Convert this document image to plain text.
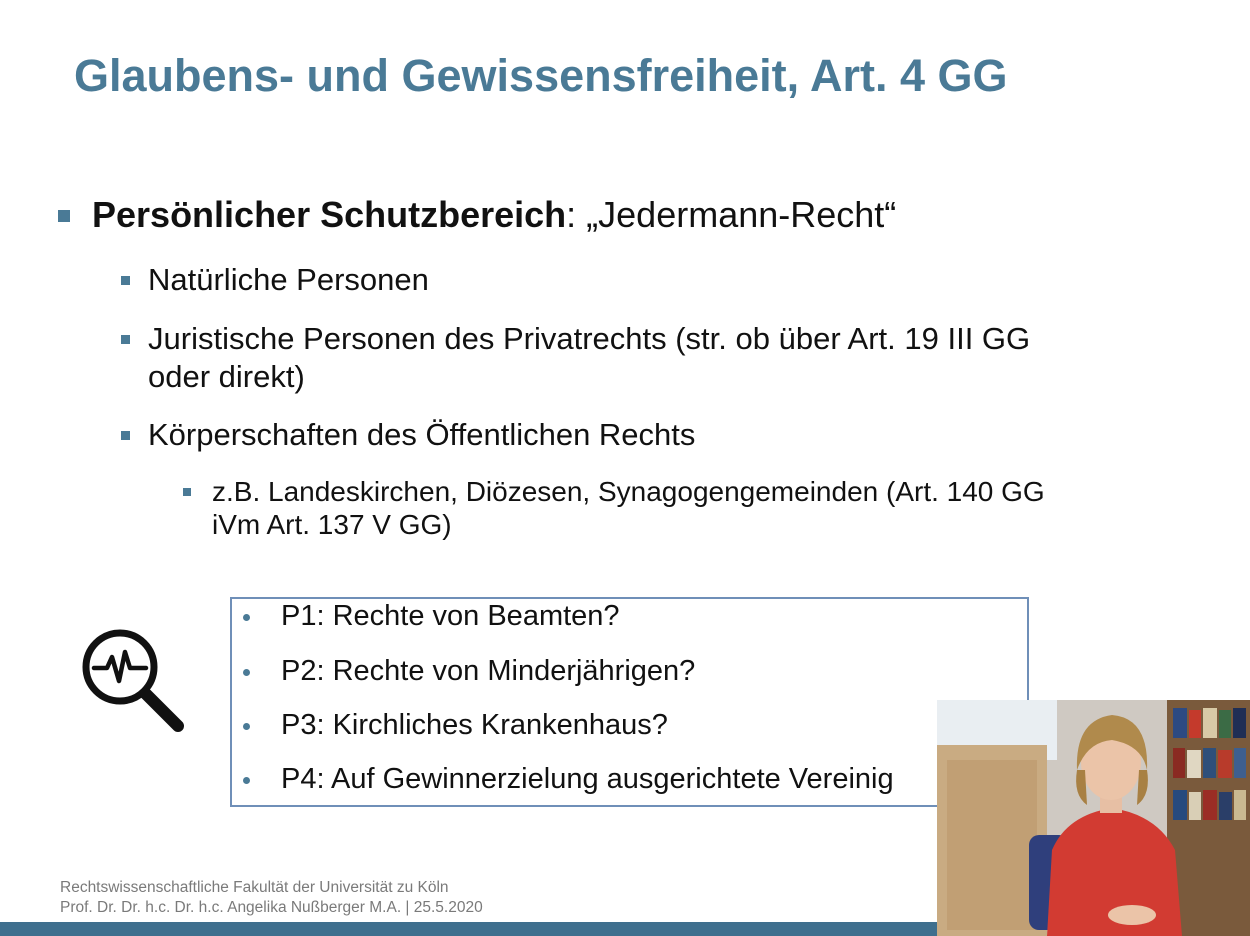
Glaubens- und Gewissensfreiheit, Art. 4 GG
Persönlicher Schutzbereich: „Jedermann-Recht“
Natürliche Personen
Juristische Personen des Privatrechts (str. ob über Art. 19 III GG oder direkt)
Körperschaften des Öffentlichen Rechts
z.B. Landeskirchen, Diözesen, Synagogengemeinden (Art. 140 GG iVm Art. 137 V GG)
P1: Rechte von Beamten?
P2: Rechte von Minderjährigen?
P3: Kirchliches Krankenhaus?
P4: Auf Gewinnerzielung ausgerichtete Vereinig
Rechtswissenschaftliche Fakultät der Universität zu Köln
Prof. Dr. Dr. h.c. Dr. h.c. Angelika Nußberger M.A. | 25.5.2020
